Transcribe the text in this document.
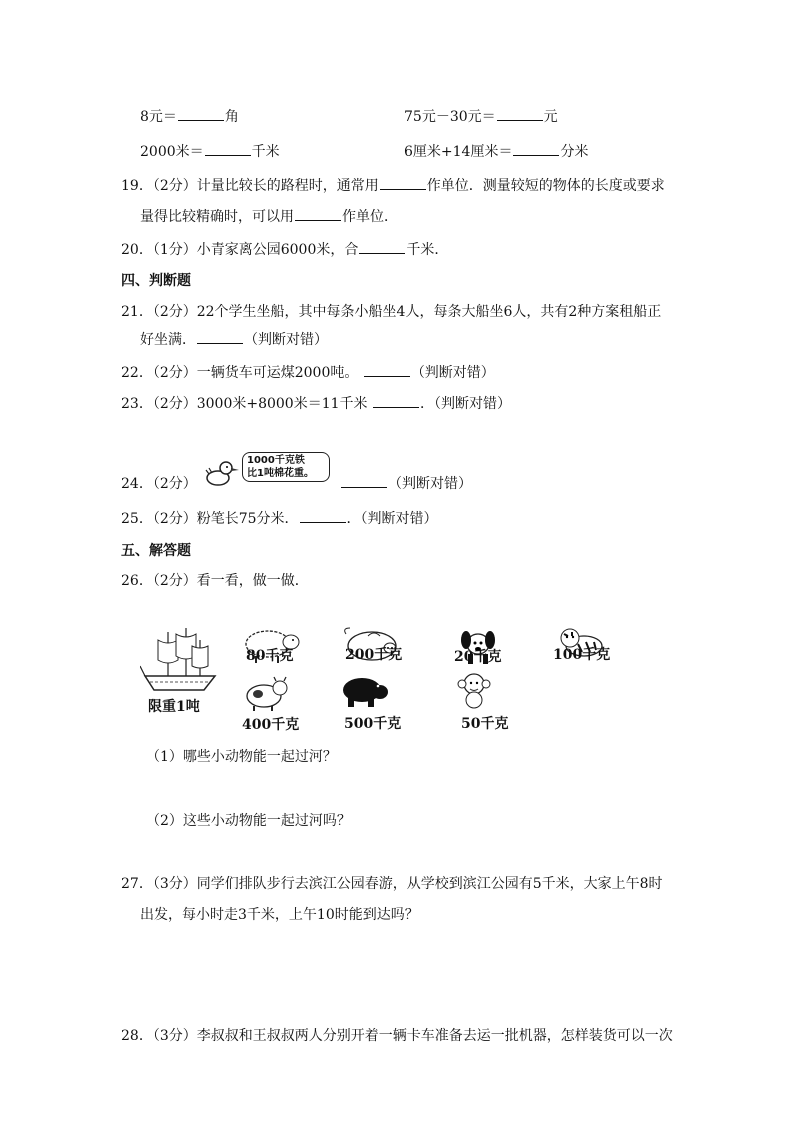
8元＝	角	75元－30元＝	元
2000米＝	千米	6厘米+14厘米＝	分米
19．（2分）计量比较长的路程时，通常用	作单位．测量较短的物体的长度或要求
量得比较精确时，可以用	作单位．
20．（1分）小青家离公园6000米，合	千米．
四、判断题
21．（2分）22个学生坐船，其中每条小船坐4人，每条大船坐6人，共有2种方案租船正
好坐满．	（判断对错）
22．（2分）一辆货车可运煤2000吨。	（判断对错）
23．（2分）3000米+8000米＝11千米	．（判断对错）
24．（2分）
1000千克铁
比1吨棉花重。
（判断对错）
25．（2分）粉笔长75分米．	．（判断对错）
五、解答题
26．（2分）看一看，做一做．
限重1吨
80千克	200千克	20千克	100千克
400千克	500千克	50千克
（1）哪些小动物能一起过河？
（2）这些小动物能一起过河吗？
27．（3分）同学们排队步行去滨江公园春游，从学校到滨江公园有5千米，大家上午8时
出发，每小时走3千米，上午10时能到达吗？
28．（3分）李叔叔和王叔叔两人分别开着一辆卡车准备去运一批机器，怎样装货可以一次
